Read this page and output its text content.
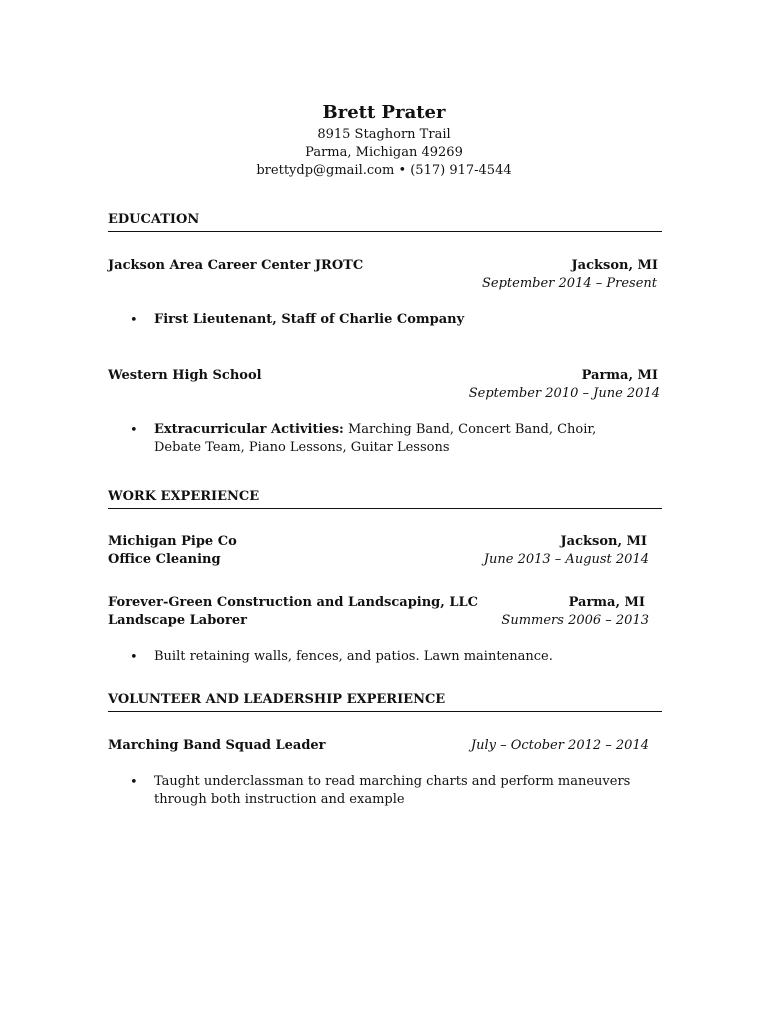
Brett Prater
8915 Staghorn Trail
Parma, Michigan 49269
brettydp@gmail.com • (517) 917-4544
EDUCATION
Jackson Area Career Center JROTC	Jackson, MI
September 2014 – Present
• First Lieutenant, Staff of Charlie Company
Western High School	Parma, MI
September 2010 – June 2014
• Extracurricular Activities: Marching Band, Concert Band, Choir, Debate Team, Piano Lessons, Guitar Lessons
WORK EXPERIENCE
Michigan Pipe Co	Jackson, MI
Office Cleaning	June 2013 – August 2014
Forever-Green Construction and Landscaping, LLC	Parma, MI
Landscape Laborer	Summers 2006 – 2013
• Built retaining walls, fences, and patios. Lawn maintenance.
VOLUNTEER AND LEADERSHIP EXPERIENCE
Marching Band Squad Leader	July – October 2012 – 2014
• Taught underclassman to read marching charts and perform maneuvers through both instruction and example
